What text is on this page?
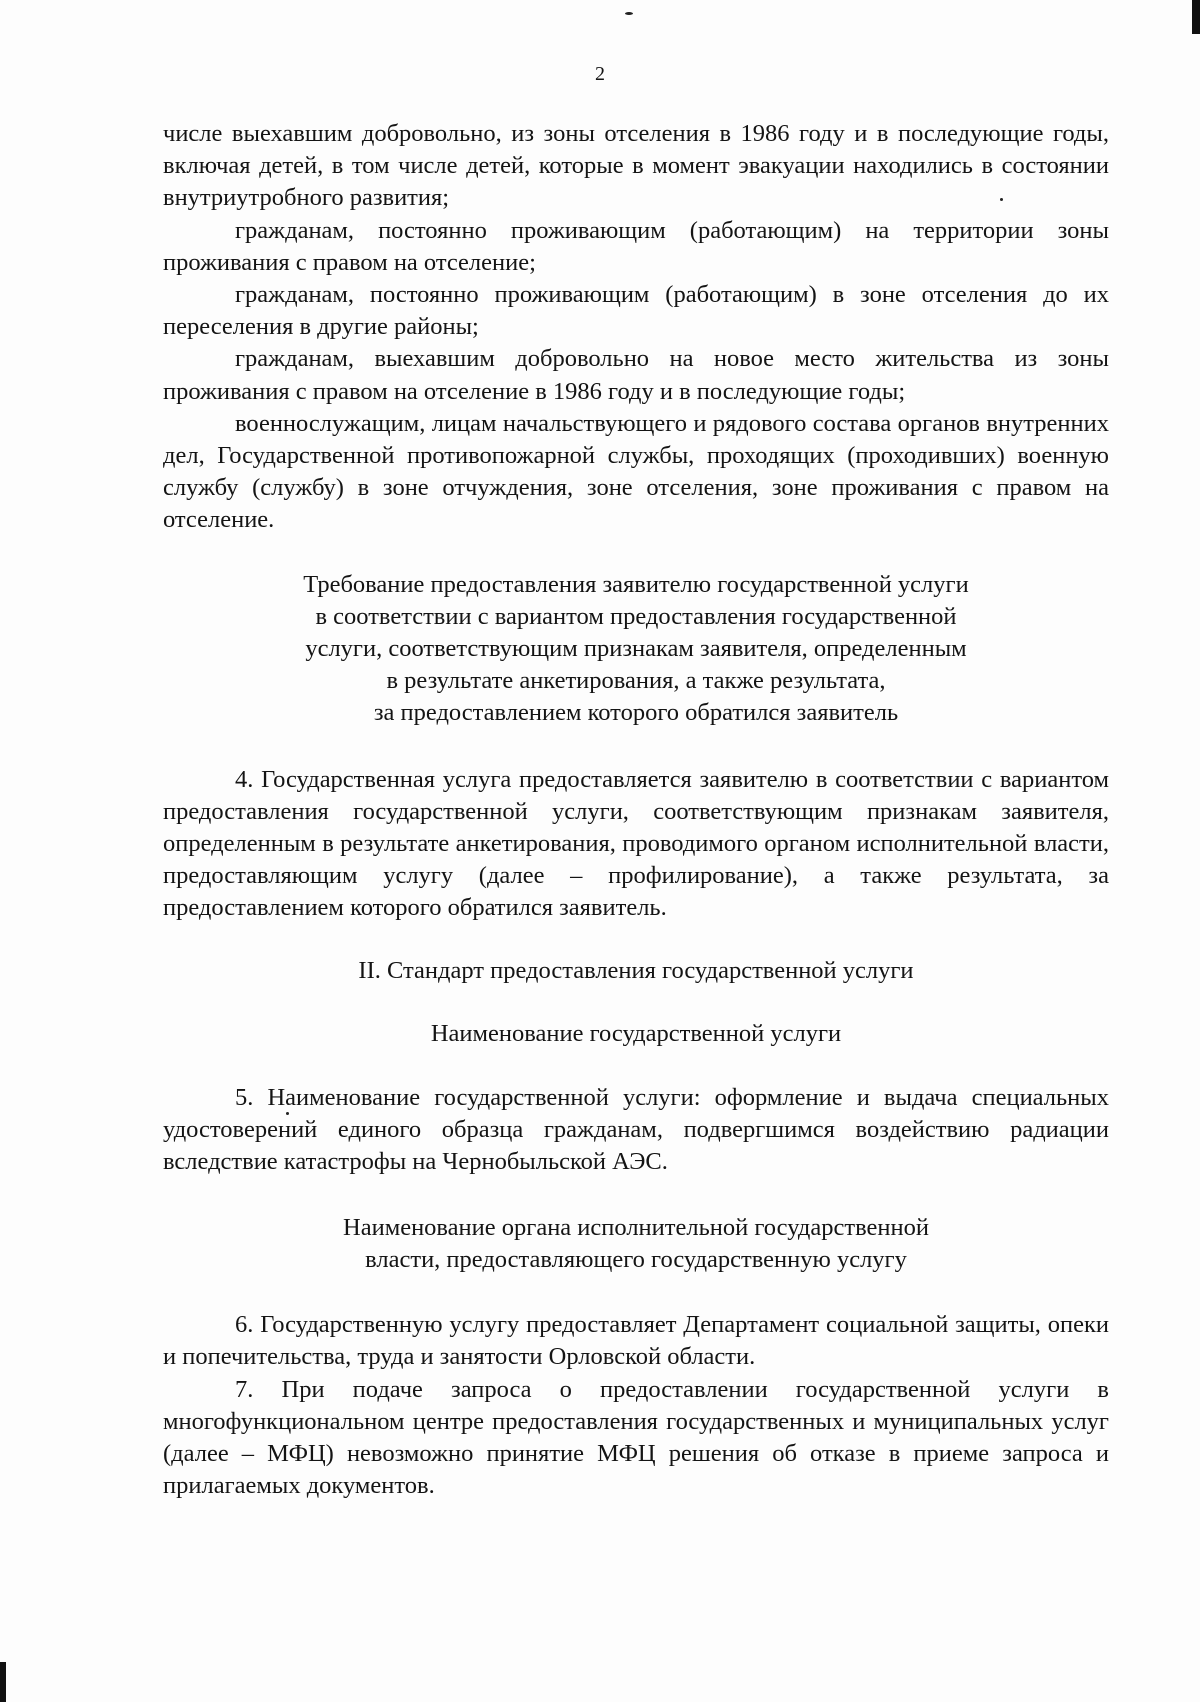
2

числе выехавшим добровольно, из зоны отселения в 1986 году и в последующие годы, включая детей, в том числе детей, которые в момент эвакуации находились в состоянии внутриутробного развития;

гражданам, постоянно проживающим (работающим) на территории зоны проживания с правом на отселение;

гражданам, постоянно проживающим (работающим) в зоне отселения до их переселения в другие районы;

гражданам, выехавшим добровольно на новое место жительства из зоны проживания с правом на отселение в 1986 году и в последующие годы;

военнослужащим, лицам начальствующего и рядового состава органов внутренних дел, Государственной противопожарной службы, проходящих (проходивших) военную службу (службу) в зоне отчуждения, зоне отселения, зоне проживания с правом на отселение.

Требование предоставления заявителю государственной услуги
в соответствии с вариантом предоставления государственной
услуги, соответствующим признакам заявителя, определенным
в результате анкетирования, а также результата,
за предоставлением которого обратился заявитель

4. Государственная услуга предоставляется заявителю в соответствии с вариантом предоставления государственной услуги, соответствующим признакам заявителя, определенным в результате анкетирования, проводимого органом исполнительной власти, предоставляющим услугу (далее – профилирование), а также результата, за предоставлением которого обратился заявитель.

II. Стандарт предоставления государственной услуги
Наименование государственной услуги

5. Наименование государственной услуги: оформление и выдача специальных удостоверений единого образца гражданам, подвергшимся воздействию радиации вследствие катастрофы на Чернобыльской АЭС.

Наименование органа исполнительной государственной
власти, предоставляющего государственную услугу

6. Государственную услугу предоставляет Департамент социальной защиты, опеки и попечительства, труда и занятости Орловской области.

7. При подаче запроса о предоставлении государственной услуги в многофункциональном центре предоставления государственных и муниципальных услуг (далее – МФЦ) невозможно принятие МФЦ решения об отказе в приеме запроса и прилагаемых документов.
